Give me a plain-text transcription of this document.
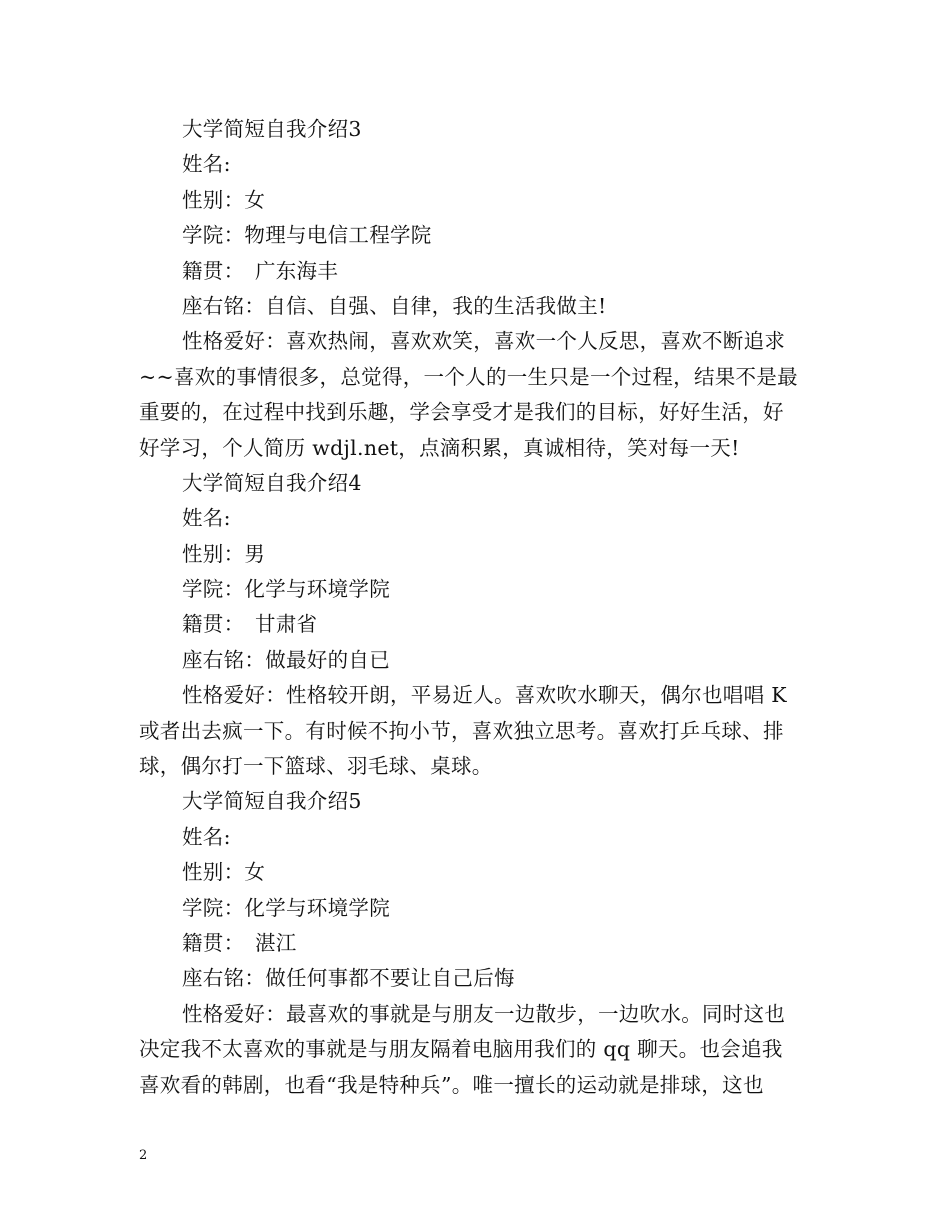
大学简短自我介绍3
姓名:
性别：女
学院：物理与电信工程学院
籍贯：　广东海丰
座右铭：自信、自强、自律，我的生活我做主!
性格爱好：喜欢热闹，喜欢欢笑，喜欢一个人反思，喜欢不断追求
~~喜欢的事情很多，总觉得，一个人的一生只是一个过程，结果不是最
重要的，在过程中找到乐趣，学会享受才是我们的目标，好好生活，好
好学习，个人简历 wdjl.net，点滴积累，真诚相待，笑对每一天!
大学简短自我介绍4
姓名:
性别：男
学院：化学与环境学院
籍贯：　甘肃省
座右铭：做最好的自已
性格爱好：性格较开朗，平易近人。喜欢吹水聊天，偶尔也唱唱 K
或者出去疯一下。有时候不拘小节，喜欢独立思考。喜欢打乒乓球、排
球，偶尔打一下篮球、羽毛球、桌球。
大学简短自我介绍5
姓名:
性别：女
学院：化学与环境学院
籍贯：　湛江
座右铭：做任何事都不要让自己后悔
性格爱好：最喜欢的事就是与朋友一边散步，一边吹水。同时这也
决定我不太喜欢的事就是与朋友隔着电脑用我们的 qq 聊天。也会追我
喜欢看的韩剧，也看“我是特种兵”。唯一擅长的运动就是排球，这也
2
